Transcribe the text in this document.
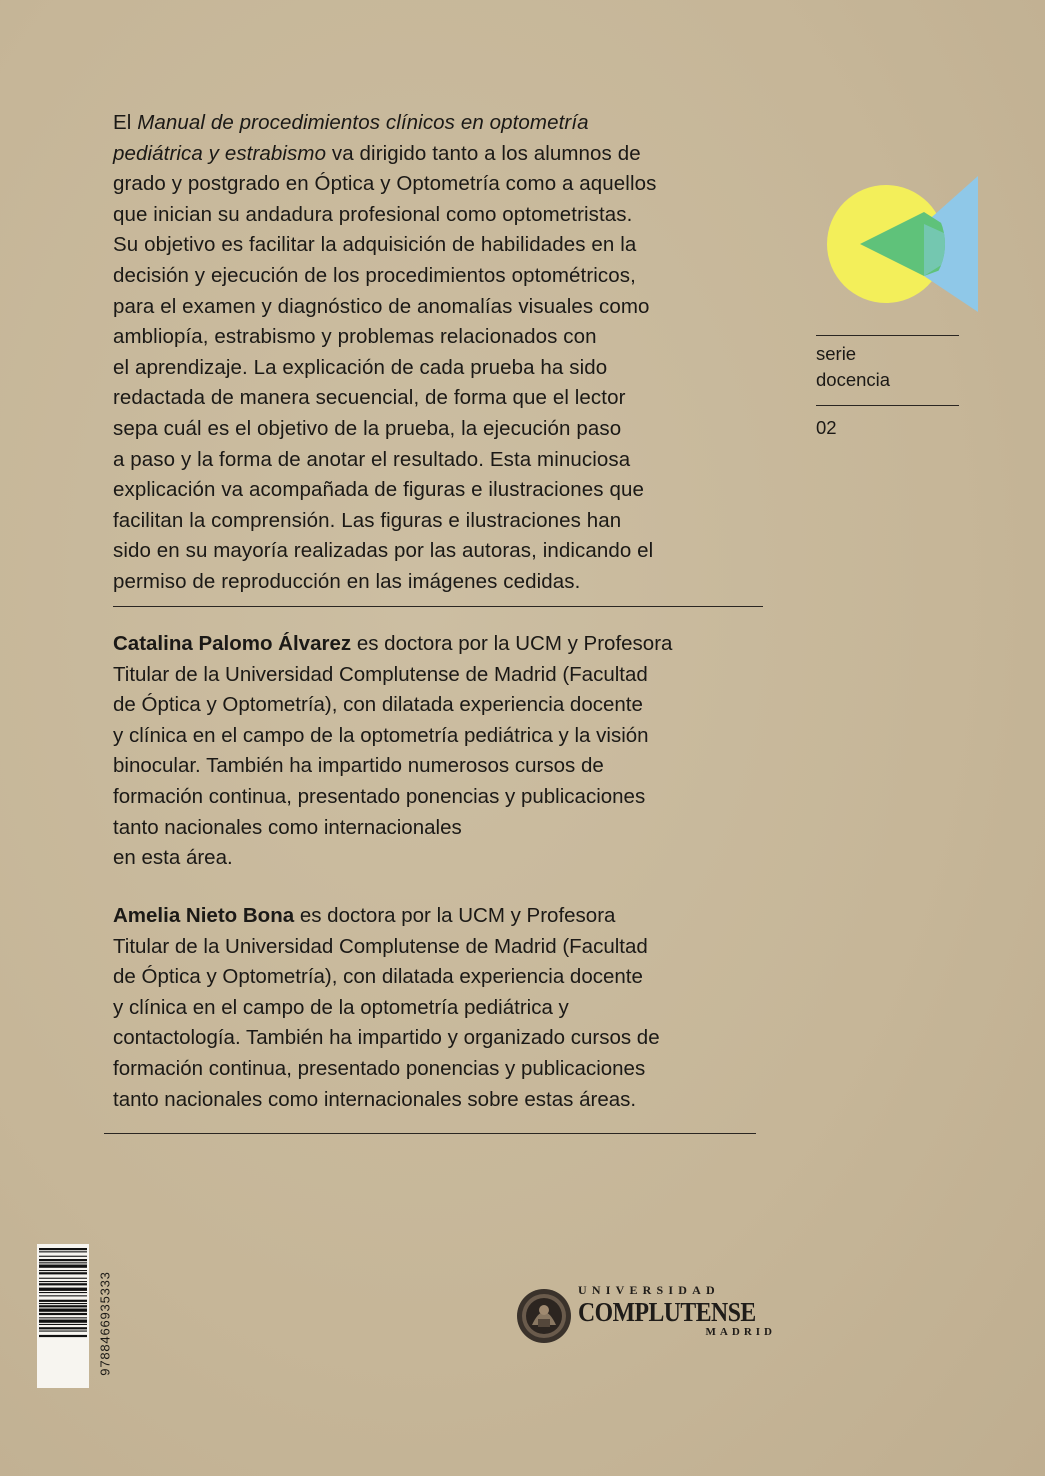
El Manual de procedimientos clínicos en optometría
pediátrica y estrabismo va dirigido tanto a los alumnos de
grado y postgrado en Óptica y Optometría como a aquellos
que inician su andadura profesional como optometristas.
Su objetivo es facilitar la adquisición de habilidades en la
decisión y ejecución de los procedimientos optométricos,
para el examen y diagnóstico de anomalías visuales como
ambliopía, estrabismo y problemas relacionados con
el aprendizaje. La explicación de cada prueba ha sido
redactada de manera secuencial, de forma que el lector
sepa cuál es el objetivo de la prueba, la ejecución paso
a paso y la forma de anotar el resultado. Esta minuciosa
explicación va acompañada de figuras e ilustraciones que
facilitan la comprensión. Las figuras e ilustraciones han
sido en su mayoría realizadas por las autoras, indicando el
permiso de reproducción en las imágenes cedidas.
Catalina Palomo Álvarez es doctora por la UCM y Profesora
Titular de la Universidad Complutense de Madrid (Facultad
de Óptica y Optometría), con dilatada experiencia docente
y clínica en el campo de la optometría pediátrica y la visión
binocular. También ha impartido numerosos cursos de
formación continua, presentado ponencias y publicaciones
tanto nacionales como internacionales
en esta área.
Amelia Nieto Bona es doctora por la UCM y Profesora
Titular de la Universidad Complutense de Madrid (Facultad
de Óptica y Optometría), con dilatada experiencia docente
y clínica en el campo de la optometría pediátrica y
contactología. También ha impartido y organizado cursos de
formación continua, presentado ponencias y publicaciones
tanto nacionales como internacionales sobre estas áreas.
serie
docencia
02
9788466935333	UNIVERSIDAD
COMPLUTENSE
MADRID
